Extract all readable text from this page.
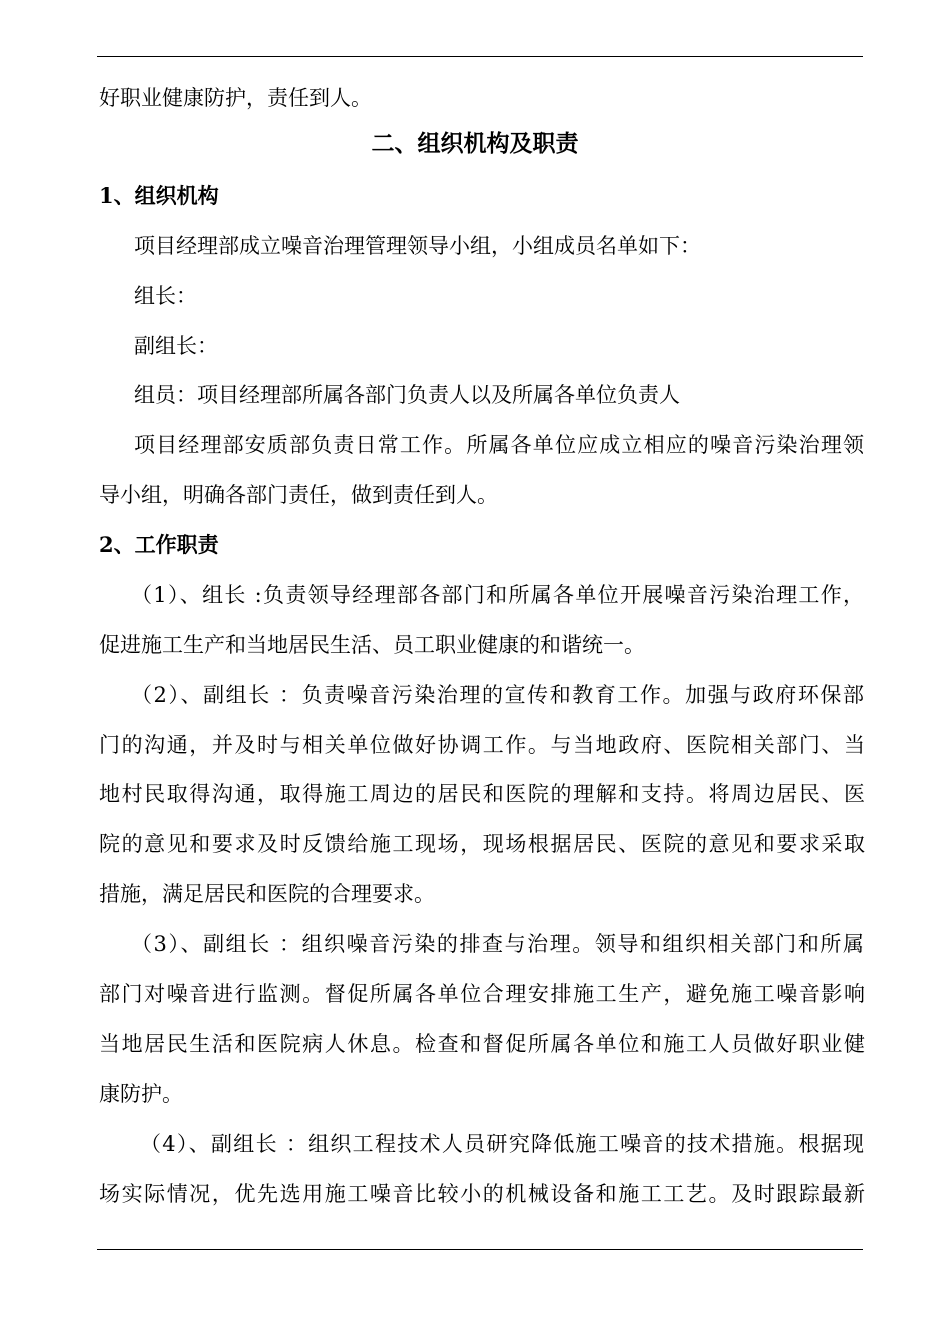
好职业健康防护，责任到人。
二、组织机构及职责
1、组织机构
项目经理部成立噪音治理管理领导小组，小组成员名单如下：
组长：
副组长：
组员：项目经理部所属各部门负责人以及所属各单位负责人
项目经理部安质部负责日常工作。所属各单位应成立相应的噪音污染治理领
导小组，明确各部门责任，做到责任到人。
2、工作职责
（1）、组长 :负责领导经理部各部门和所属各单位开展噪音污染治理工作，
促进施工生产和当地居民生活、员工职业健康的和谐统一。
（2）、副组长 ：负责噪音污染治理的宣传和教育工作。加强与政府环保部
门的沟通，并及时与相关单位做好协调工作。与当地政府、医院相关部门、当
地村民取得沟通，取得施工周边的居民和医院的理解和支持。将周边居民、医
院的意见和要求及时反馈给施工现场，现场根据居民、医院的意见和要求采取
措施，满足居民和医院的合理要求。
（3）、副组长 ：组织噪音污染的排查与治理。领导和组织相关部门和所属
部门对噪音进行监测。督促所属各单位合理安排施工生产，避免施工噪音影响
当地居民生活和医院病人休息。检查和督促所属各单位和施工人员做好职业健
康防护。
（4）、副组长 ：组织工程技术人员研究降低施工噪音的技术措施。根据现
场实际情况，优先选用施工噪音比较小的机械设备和施工工艺。及时跟踪最新
